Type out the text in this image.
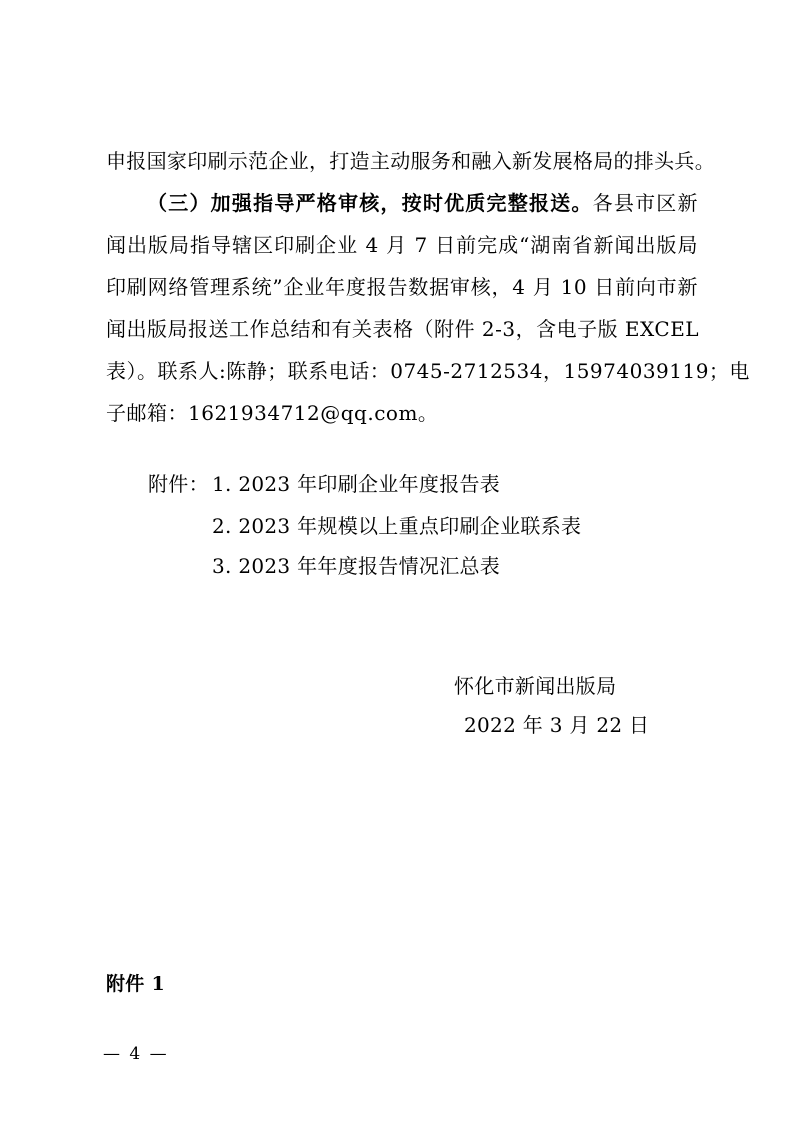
申报国家印刷示范企业，打造主动服务和融入新发展格局的排头兵。
（三）加强指导严格审核，按时优质完整报送。各县市区新
闻出版局指导辖区印刷企业 4 月 7 日前完成“湖南省新闻出版局
印刷网络管理系统”企业年度报告数据审核，4 月 10 日前向市新
闻出版局报送工作总结和有关表格（附件 2-3，含电子版 EXCEL
表）。联系人:陈静；联系电话：0745-2712534，15974039119；电
子邮箱：1621934712@qq.com。
附件： 1. 2023 年印刷企业年度报告表
2. 2023 年规模以上重点印刷企业联系表
3. 2023 年年度报告情况汇总表
怀化市新闻出版局
2022 年 3 月 22 日
附件 1
— 4 —
